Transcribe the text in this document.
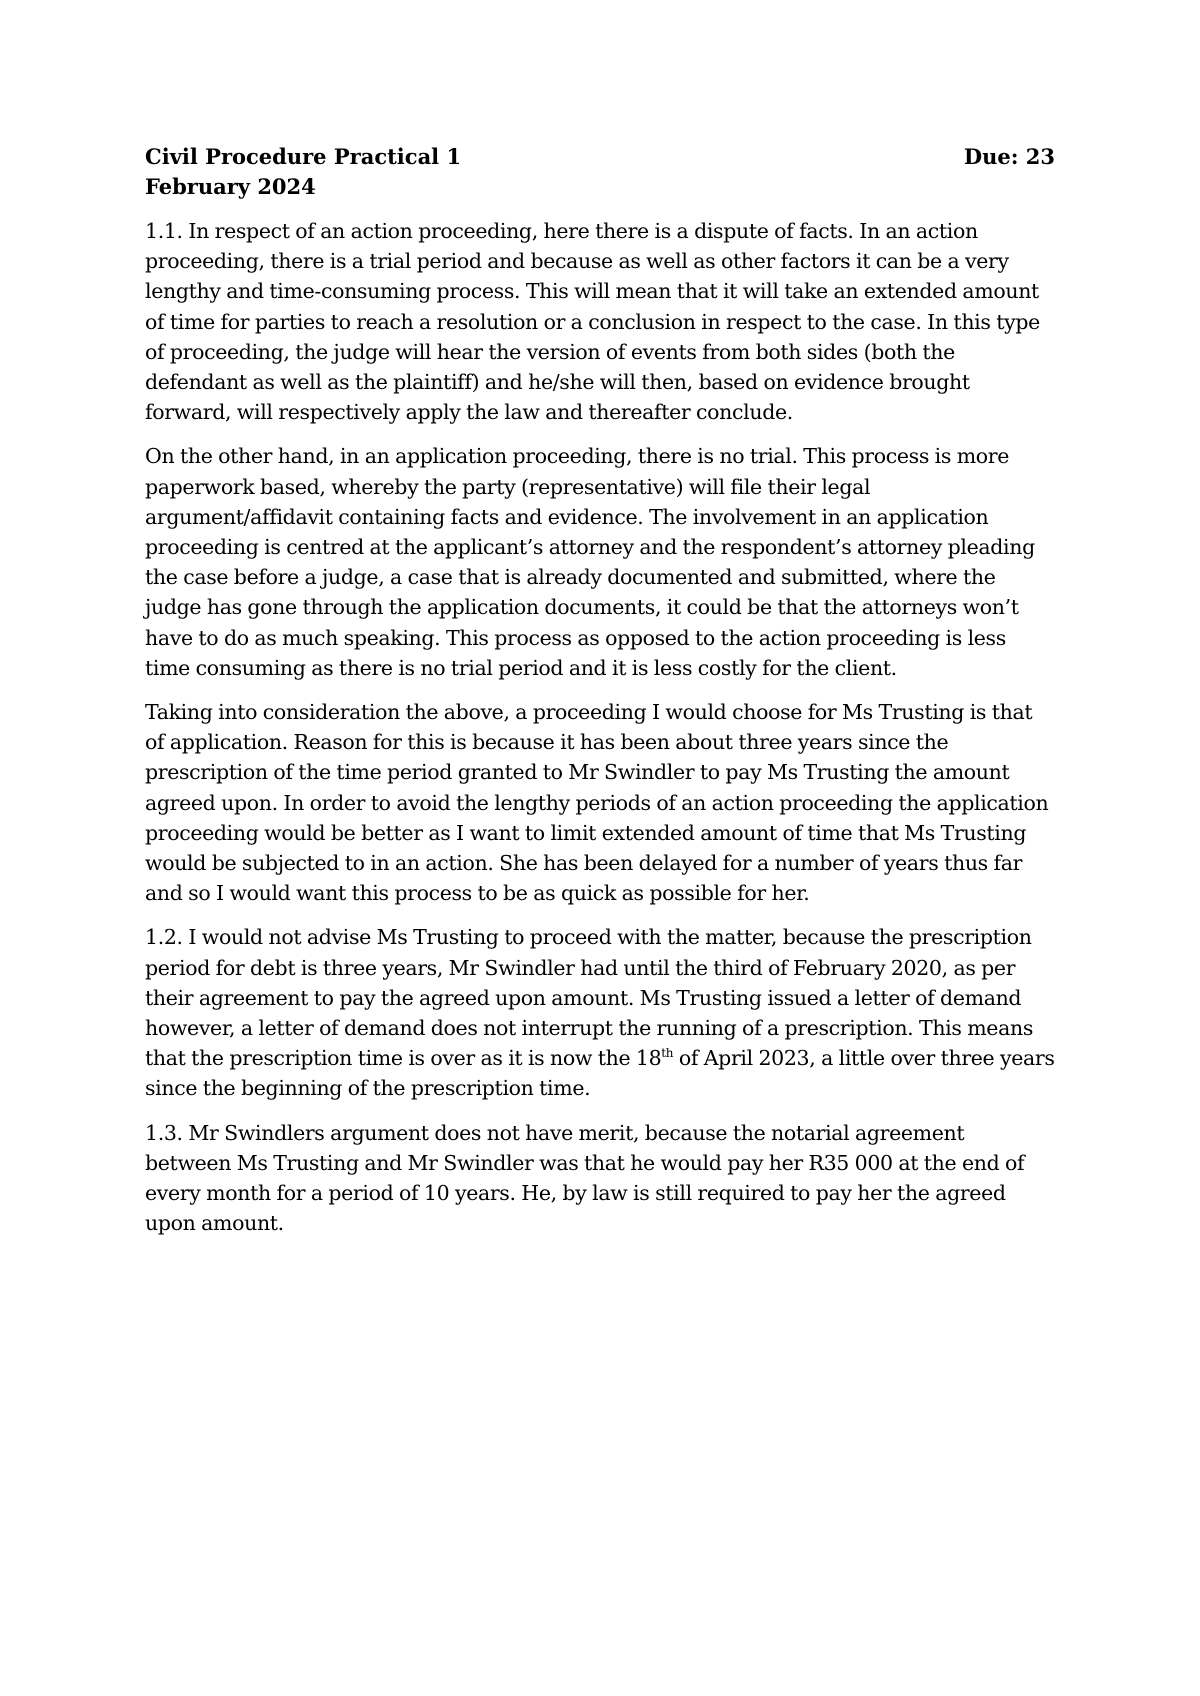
Civil Procedure Practical 1	Due: 23
February 2024

1.1. In respect of an action proceeding, here there is a dispute of facts. In an action proceeding, there is a trial period and because as well as other factors it can be a very lengthy and time-consuming process. This will mean that it will take an extended amount of time for parties to reach a resolution or a conclusion in respect to the case. In this type of proceeding, the judge will hear the version of events from both sides (both the defendant as well as the plaintiff) and he/she will then, based on evidence brought forward, will respectively apply the law and thereafter conclude.

On the other hand, in an application proceeding, there is no trial. This process is more paperwork based, whereby the party (representative) will file their legal argument/affidavit containing facts and evidence. The involvement in an application proceeding is centred at the applicant’s attorney and the respondent’s attorney pleading the case before a judge, a case that is already documented and submitted, where the judge has gone through the application documents, it could be that the attorneys won’t have to do as much speaking. This process as opposed to the action proceeding is less time consuming as there is no trial period and it is less costly for the client.

Taking into consideration the above, a proceeding I would choose for Ms Trusting is that of application. Reason for this is because it has been about three years since the prescription of the time period granted to Mr Swindler to pay Ms Trusting the amount agreed upon. In order to avoid the lengthy periods of an action proceeding the application proceeding would be better as I want to limit extended amount of time that Ms Trusting would be subjected to in an action. She has been delayed for a number of years thus far and so I would want this process to be as quick as possible for her.

1.2. I would not advise Ms Trusting to proceed with the matter, because the prescription period for debt is three years, Mr Swindler had until the third of February 2020, as per their agreement to pay the agreed upon amount. Ms Trusting issued a letter of demand however, a letter of demand does not interrupt the running of a prescription. This means that the prescription time is over as it is now the 18th of April 2023, a little over three years since the beginning of the prescription time.

1.3. Mr Swindlers argument does not have merit, because the notarial agreement between Ms Trusting and Mr Swindler was that he would pay her R35 000 at the end of every month for a period of 10 years. He, by law is still required to pay her the agreed upon amount.
